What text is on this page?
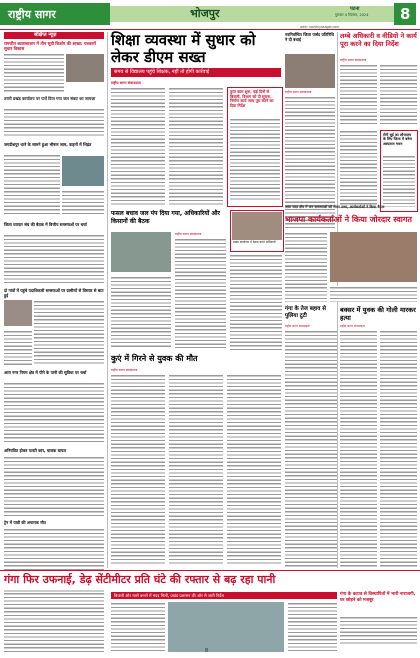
राष्ट्रीय सागर	भोजपुर	पटना
गुरुवार 4 सितंबर, 2024 8
web: rashtriyasagar.com
संक्षिप्त न्यूज़
रामजीत कालाबाज़ार में तीन सूत्री किशोर की शाखा: पत्रकारों सुधार विकास
तरारी प्रखंड कार्यालय पर पतों दिया गया जल संकट का जायज़ा
जगदीशपुर थाने के सामने हुआ भीषण जाम, वाहनों में भिड़ंत
जिला व्यापार संघ की बैठक में वित्तीय समस्याओं पर चर्चा
दो गांवों में पहुंचे पदाधिकारी समस्याओं पर ग्रामीणों से विस्तार से बात हुई
आरा नगर निगम क्षेत्र में पीने के पानी की सुविधा पर चर्चा
अनियंत्रित होकर पलटी कार, चालक घायल
ट्रेन में यात्री की अचानक मौत
शिक्षा व्यवस्था में सुधार को लेकर डीएम सख्त
समय से विद्यालय पहुंचे शिक्षक, नहीं तो होगी कार्रवाई
राष्ट्रीय सागर संवाददाता
तुरंत काम शुरू, कई दिनों से बिजली, विभाग को दी सूचना, निर्माण कार्य जल्द पूरा करने का दिया निर्देश
नवनिर्वाचित जिला पार्षद प्रतिनिधि ने दी बधाई
राष्ट्रीय सागर संवाददाता
लम्बे अधिकारी व वीडियो ने कार्य पूरा करने का दिया निर्देश
राष्ट्रीय सागर संवाददाता
रोगी सुई का शौचालय के लिए जिला में बनेगा अस्पताल भवन
आरा सदर क्षेत्र में जन समस्याओं को लेकर सभा, कार्यकर्ताओं ने किया बैठक
भाजपा कार्यकर्ताओं ने किया जोरदार स्वागत
फसल बचाव जल पंप दिया गया, अधिकारियों और किसानों की बैठक
राष्ट्रीय सागर संवाददाता
प्रखंड कार्यालय में बैठक करते अधिकारी
कुएं में गिरने से युवक की मौत
राष्ट्रीय सागर संवाददाता
गंगा के तेज बहाव से पुलिया टूटी
राष्ट्रीय सागर संवाददाता
बक्सर में युवक की गोली मारकर हत्या
राष्ट्रीय सागर संवाददाता
गंगा फिर उफनाई, डेढ़ सेंटीमीटर प्रति घंटे की रफ्तार से बढ़ रहा पानी
बिजली और रास्ते बनाने में मदद मिली, प्रखंड प्रशासन की ओर से जारी निर्देश	गंगा के कटाव से विस्थापितों में भारी नाराजगी, घर छोड़ने को मजबूर
8
